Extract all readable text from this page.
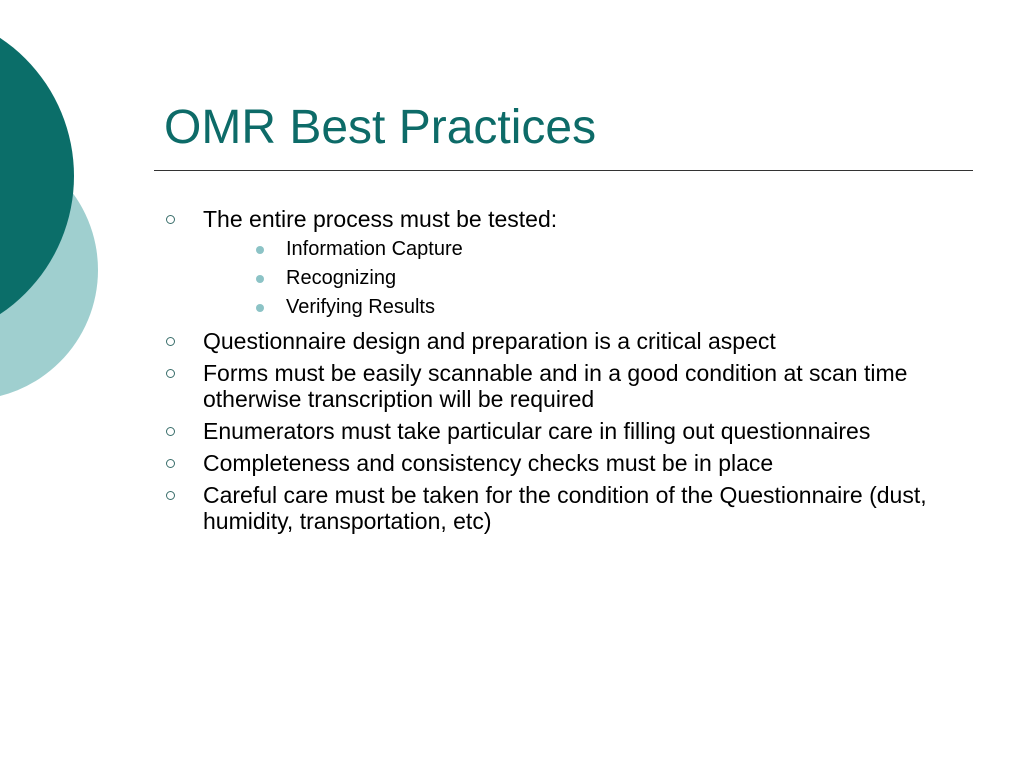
OMR Best Practices
The entire process must be tested:
Information Capture
Recognizing
Verifying Results
Questionnaire design and preparation is a critical aspect
Forms must be easily scannable and in a good condition at scan time otherwise transcription will be required
Enumerators must take particular care in filling out questionnaires
Completeness and consistency checks must be in place
Careful care must be taken for the condition of the Questionnaire (dust, humidity, transportation, etc)
